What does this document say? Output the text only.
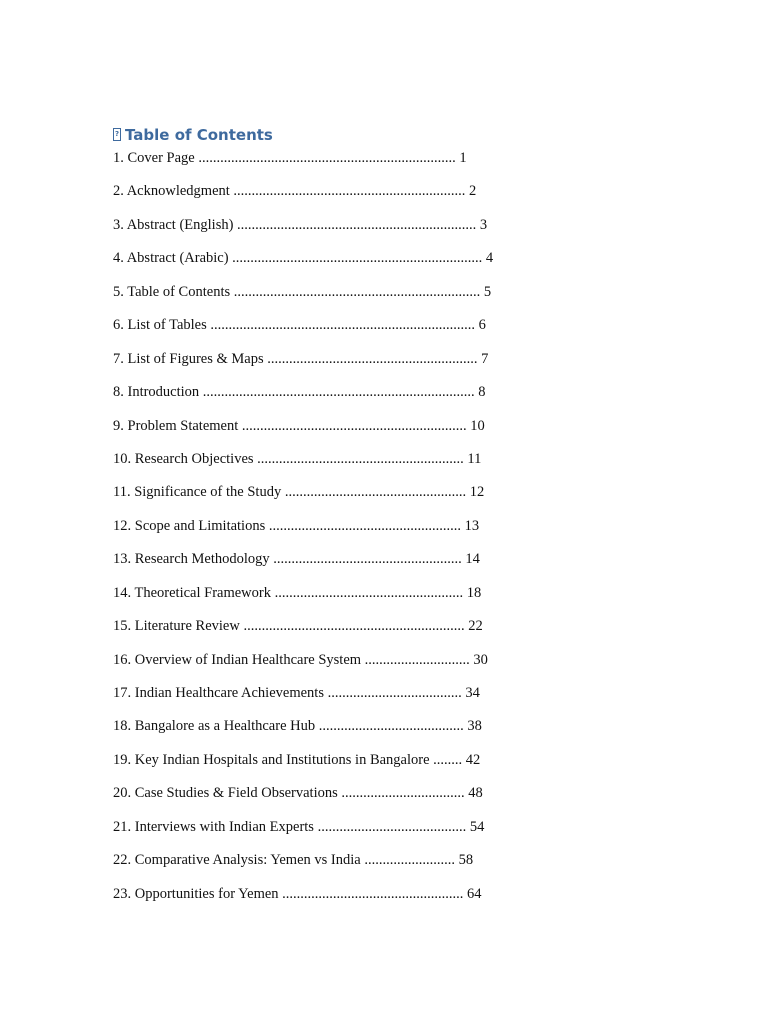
? Table of Contents
1. Cover Page ....................................................................... 1
2. Acknowledgment ................................................................ 2
3. Abstract (English) .................................................................. 3
4. Abstract (Arabic) ..................................................................... 4
5. Table of Contents .................................................................... 5
6. List of Tables ......................................................................... 6
7. List of Figures & Maps .......................................................... 7
8. Introduction ........................................................................... 8
9. Problem Statement .............................................................. 10
10. Research Objectives ......................................................... 11
11. Significance of the Study .................................................. 12
12. Scope and Limitations ..................................................... 13
13. Research Methodology .................................................... 14
14. Theoretical Framework .................................................... 18
15. Literature Review ............................................................. 22
16. Overview of Indian Healthcare System ............................. 30
17. Indian Healthcare Achievements ..................................... 34
18. Bangalore as a Healthcare Hub ........................................ 38
19. Key Indian Hospitals and Institutions in Bangalore ........ 42
20. Case Studies & Field Observations .................................. 48
21. Interviews with Indian Experts ......................................... 54
22. Comparative Analysis: Yemen vs India ......................... 58
23. Opportunities for Yemen .................................................. 64
